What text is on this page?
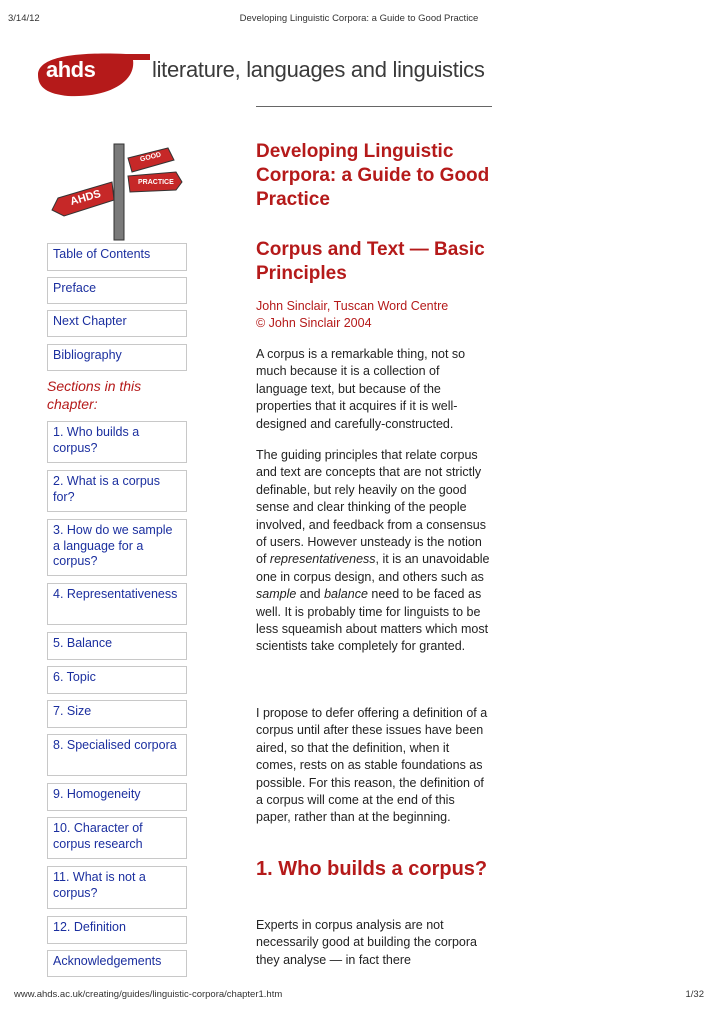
3/14/12	Developing Linguistic Corpora: a Guide to Good Practice
www.ahds.ac.uk/creating/guides/linguistic-corpora/chapter1.htm	1/32
ahds	literature, languages and linguistics
GOOD
PRACTICE
AHDS
Table of Contents
Preface
Next Chapter
Bibliography
Sections in this chapter:
1. Who builds a corpus?
2. What is a corpus for?
3. How do we sample a language for a corpus?
4. Representativeness
5. Balance
6. Topic
7. Size
8. Specialised corpora
9. Homogeneity
10. Character of corpus research
11. What is not a corpus?
12. Definition
Acknowledgements
Developing Linguistic Corpora: a Guide to Good Practice
Corpus and Text — Basic Principles
John Sinclair, Tuscan Word Centre
© John Sinclair 2004
A corpus is a remarkable thing, not so much because it is a collection of language text, but because of the properties that it acquires if it is well-designed and carefully-constructed.
The guiding principles that relate corpus and text are concepts that are not strictly definable, but rely heavily on the good sense and clear thinking of the people involved, and feedback from a consensus of users. However unsteady is the notion of representativeness, it is an unavoidable one in corpus design, and others such as sample and balance need to be faced as well. It is probably time for linguists to be less squeamish about matters which most scientists take completely for granted.
I propose to defer offering a definition of a corpus until after these issues have been aired, so that the definition, when it comes, rests on as stable foundations as possible. For this reason, the definition of a corpus will come at the end of this paper, rather than at the beginning.
1. Who builds a corpus?
Experts in corpus analysis are not necessarily good at building the corpora they analyse — in fact there
